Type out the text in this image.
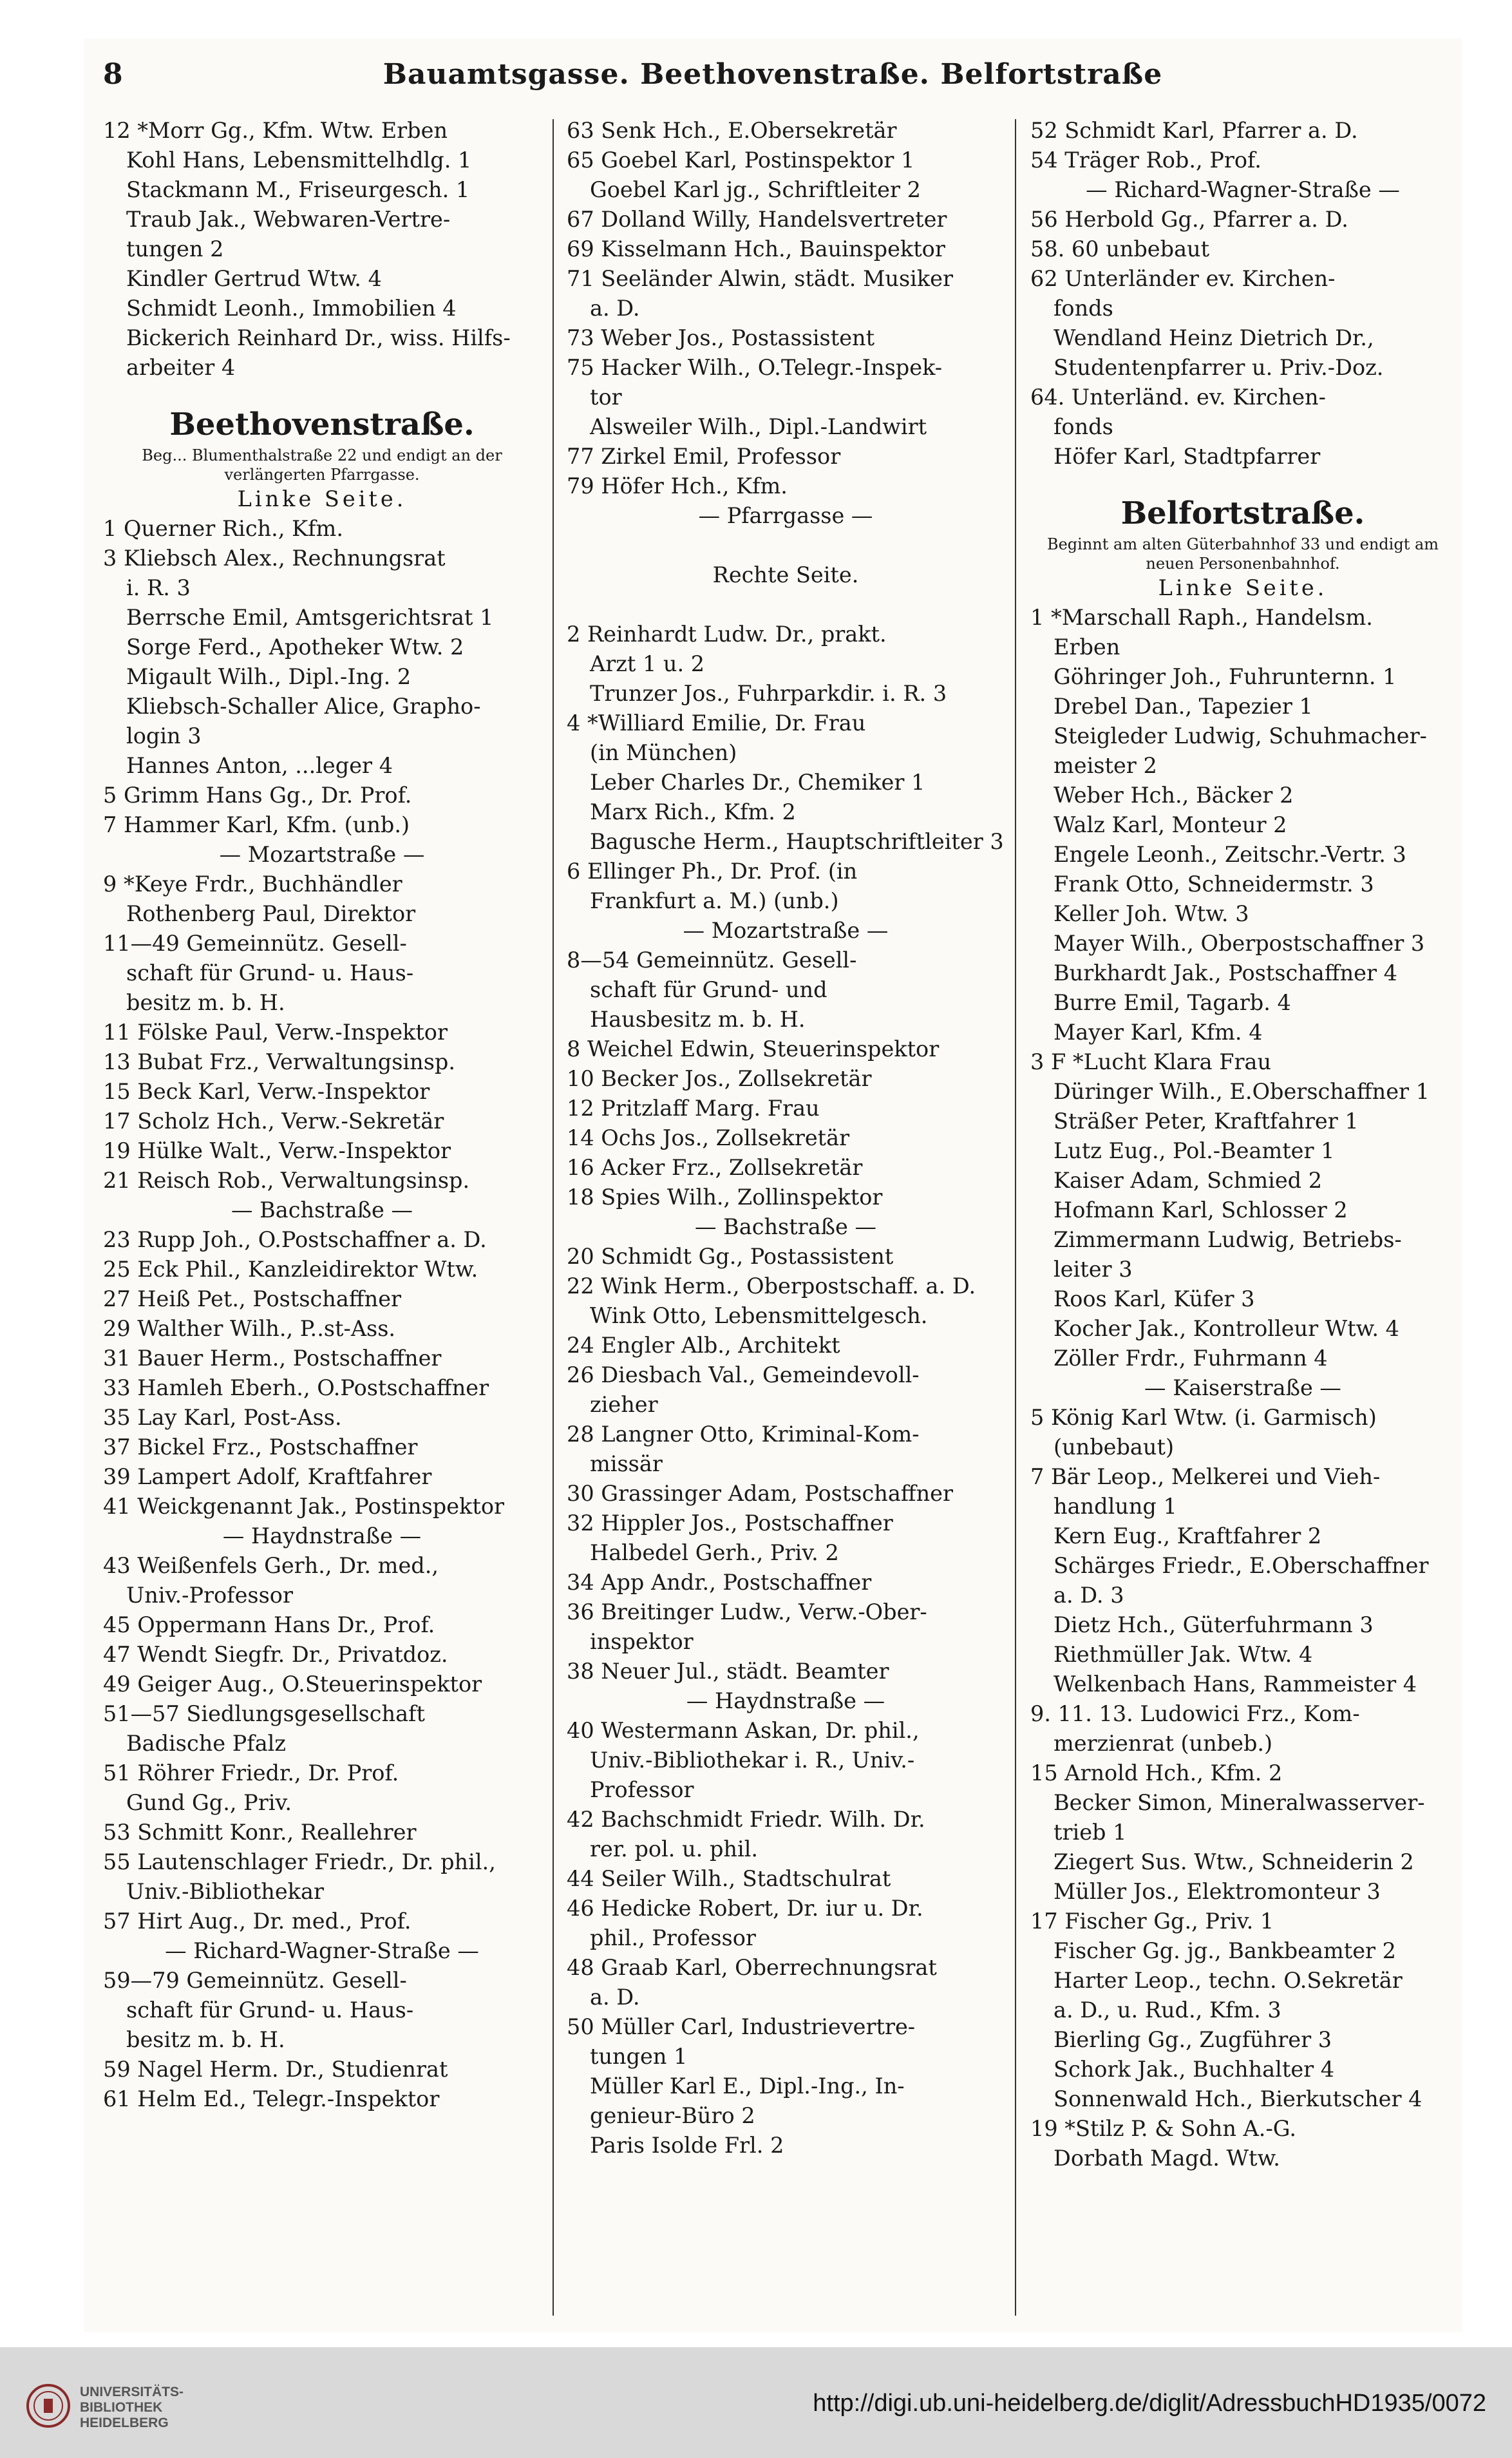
8	Bauamtsgasse. Beethovenstraße. Belfortstraße
12 *Morr Gg., Kfm. Wtw. Erben
Kohl Hans, Lebensmittelhdlg. 1
Stackmann M., Friseurgesch. 1
Traub Jak., Webwaren-Vertre-
tungen 2
Kindler Gertrud Wtw. 4
Schmidt Leonh., Immobilien 4
Bickerich Reinhard Dr., wiss. Hilfs-
arbeiter 4
Beethovenstraße.
Beg... Blumenthalstraße 22 und endigt an der verlängerten Pfarrgasse.
Linke Seite.
1 Querner Rich., Kfm.
3 Kliebsch Alex., Rechnungsrat
i. R. 3
Berrsche Emil, Amtsgerichtsrat 1
Sorge Ferd., Apotheker Wtw. 2
Migault Wilh., Dipl.-Ing. 2
Kliebsch-Schaller Alice, Grapho-
login 3
Hannes Anton, ...leger 4
5 Grimm Hans Gg., Dr. Prof.
7 Hammer Karl, Kfm. (unb.)
— Mozartstraße —
9 *Keye Frdr., Buchhändler
Rothenberg Paul, Direktor
11—49 Gemeinnütz. Gesell-
schaft für Grund- u. Haus-
besitz m. b. H.
11 Fölske Paul, Verw.-Inspektor
13 Bubat Frz., Verwaltungsinsp.
15 Beck Karl, Verw.-Inspektor
17 Scholz Hch., Verw.-Sekretär
19 Hülke Walt., Verw.-Inspektor
21 Reisch Rob., Verwaltungsinsp.
— Bachstraße —
23 Rupp Joh., O.Postschaffner a. D.
25 Eck Phil., Kanzleidirektor Wtw.
27 Heiß Pet., Postschaffner
29 Walther Wilh., P..st-Ass.
31 Bauer Herm., Postschaffner
33 Hamleh Eberh., O.Postschaffner
35 Lay Karl, Post-Ass.
37 Bickel Frz., Postschaffner
39 Lampert Adolf, Kraftfahrer
41 Weickgenannt Jak., Postinspektor
— Haydnstraße —
43 Weißenfels Gerh., Dr. med.,
Univ.-Professor
45 Oppermann Hans Dr., Prof.
47 Wendt Siegfr. Dr., Privatdoz.
49 Geiger Aug., O.Steuerinspektor
51—57 Siedlungsgesellschaft
Badische Pfalz
51 Röhrer Friedr., Dr. Prof.
Gund Gg., Priv.
53 Schmitt Konr., Reallehrer
55 Lautenschlager Friedr., Dr. phil.,
Univ.-Bibliothekar
57 Hirt Aug., Dr. med., Prof.
— Richard-Wagner-Straße —
59—79 Gemeinnütz. Gesell-
schaft für Grund- u. Haus-
besitz m. b. H.
59 Nagel Herm. Dr., Studienrat
61 Helm Ed., Telegr.-Inspektor
63 Senk Hch., E.Obersekretär
65 Goebel Karl, Postinspektor 1
Goebel Karl jg., Schriftleiter 2
67 Dolland Willy, Handelsvertreter
69 Kisselmann Hch., Bauinspektor
71 Seeländer Alwin, städt. Musiker
a. D.
73 Weber Jos., Postassistent
75 Hacker Wilh., O.Telegr.-Inspek-
tor
Alsweiler Wilh., Dipl.-Landwirt
77 Zirkel Emil, Professor
79 Höfer Hch., Kfm.
— Pfarrgasse —

Rechte Seite.

2 Reinhardt Ludw. Dr., prakt.
Arzt 1 u. 2
Trunzer Jos., Fuhrparkdir. i. R. 3
4 *Williard Emilie, Dr. Frau
(in München)
Leber Charles Dr., Chemiker 1
Marx Rich., Kfm. 2
Baguschе Herm., Hauptschriftleiter 3
6 Ellinger Ph., Dr. Prof. (in
Frankfurt a. M.) (unb.)
— Mozartstraße —
8—54 Gemeinnütz. Gesell-
schaft für Grund- und
Hausbesitz m. b. H.
8 Weichel Edwin, Steuerinspektor
10 Becker Jos., Zollsekretär
12 Pritzlaff Marg. Frau
14 Ochs Jos., Zollsekretär
16 Acker Frz., Zollsekretär
18 Spies Wilh., Zollinspektor
— Bachstraße —
20 Schmidt Gg., Postassistent
22 Wink Herm., Oberpostschaff. a. D.
Wink Otto, Lebensmittelgesch.
24 Engler Alb., Architekt
26 Diesbach Val., Gemeindevoll-
zieher
28 Langner Otto, Kriminal-Kom-
missär
30 Grassinger Adam, Postschaffner
32 Hippler Jos., Postschaffner
Halbedel Gerh., Priv. 2
34 App Andr., Postschaffner
36 Breitinger Ludw., Verw.-Ober-
inspektor
38 Neuer Jul., städt. Beamter
— Haydnstraße —
40 Westermann Askan, Dr. phil.,
Univ.-Bibliothekar i. R., Univ.-
Professor
42 Bachschmidt Friedr. Wilh. Dr.
rer. pol. u. phil.
44 Seiler Wilh., Stadtschulrat
46 Hedicke Robert, Dr. iur u. Dr.
phil., Professor
48 Graab Karl, Oberrechnungsrat
a. D.
50 Müller Carl, Industrievertre-
tungen 1
Müller Karl E., Dipl.-Ing., In-
genieur-Büro 2
Paris Isolde Frl. 2
52 Schmidt Karl, Pfarrer a. D.
54 Träger Rob., Prof.
— Richard-Wagner-Straße —
56 Herbold Gg., Pfarrer a. D.
58. 60 unbebaut
62 Unterländer ev. Kirchen-
fonds
Wendland Heinz Dietrich Dr.,
Studentenpfarrer u. Priv.-Doz.
64. Unterländ. ev. Kirchen-
fonds
Höfer Karl, Stadtpfarrer
Belfortstraße.
Beginnt am alten Güterbahnhof 33 und endigt am neuen Personenbahnhof.
Linke Seite.
1 *Marschall Raph., Handelsm.
Erben
Göhringer Joh., Fuhrunternn. 1
Drebel Dan., Tapezier 1
Steigleder Ludwig, Schuhmacher-
meister 2
Weber Hch., Bäcker 2
Walz Karl, Monteur 2
Engele Leonh., Zeitschr.-Vertr. 3
Frank Otto, Schneidermstr. 3
Keller Joh. Wtw. 3
Mayer Wilh., Oberpostschaffner 3
Burkhardt Jak., Postschaffner 4
Burre Emil, Tagarb. 4
Mayer Karl, Kfm. 4
3 F *Lucht Klara Frau
Düringer Wilh., E.Oberschaffner 1
Sträßer Peter, Kraftfahrer 1
Lutz Eug., Pol.-Beamter 1
Kaiser Adam, Schmied 2
Hofmann Karl, Schlosser 2
Zimmermann Ludwig, Betriebs-
leiter 3
Roos Karl, Küfer 3
Kocher Jak., Kontrolleur Wtw. 4
Zöller Frdr., Fuhrmann 4
— Kaiserstraße —
5 König Karl Wtw. (i. Garmisch)
(unbebaut)
7 Bär Leop., Melkerei und Vieh-
handlung 1
Kern Eug., Kraftfahrer 2
Schärges Friedr., E.Oberschaffner
a. D. 3
Dietz Hch., Güterfuhrmann 3
Riethmüller Jak. Wtw. 4
Welkenbach Hans, Rammeister 4
9. 11. 13. Ludowici Frz., Kom-
merzienrat (unbeb.)
15 Arnold Hch., Kfm. 2
Becker Simon, Mineralwasserver-
trieb 1
Ziegert Sus. Wtw., Schneiderin 2
Müller Jos., Elektromonteur 3
17 Fischer Gg., Priv. 1
Fischer Gg. jg., Bankbeamter 2
Harter Leop., techn. O.Sekretär
a. D., u. Rud., Kfm. 3
Bierling Gg., Zugführer 3
Schork Jak., Buchhalter 4
Sonnenwald Hch., Bierkutscher 4
19 *Stilz P. & Sohn A.-G.
Dorbath Magd. Wtw.
UNIVERSITÄTS-
BIBLIOTHEK
HEIDELBERG
http://digi.ub.uni-heidelberg.de/diglit/AdressbuchHD1935/0072
